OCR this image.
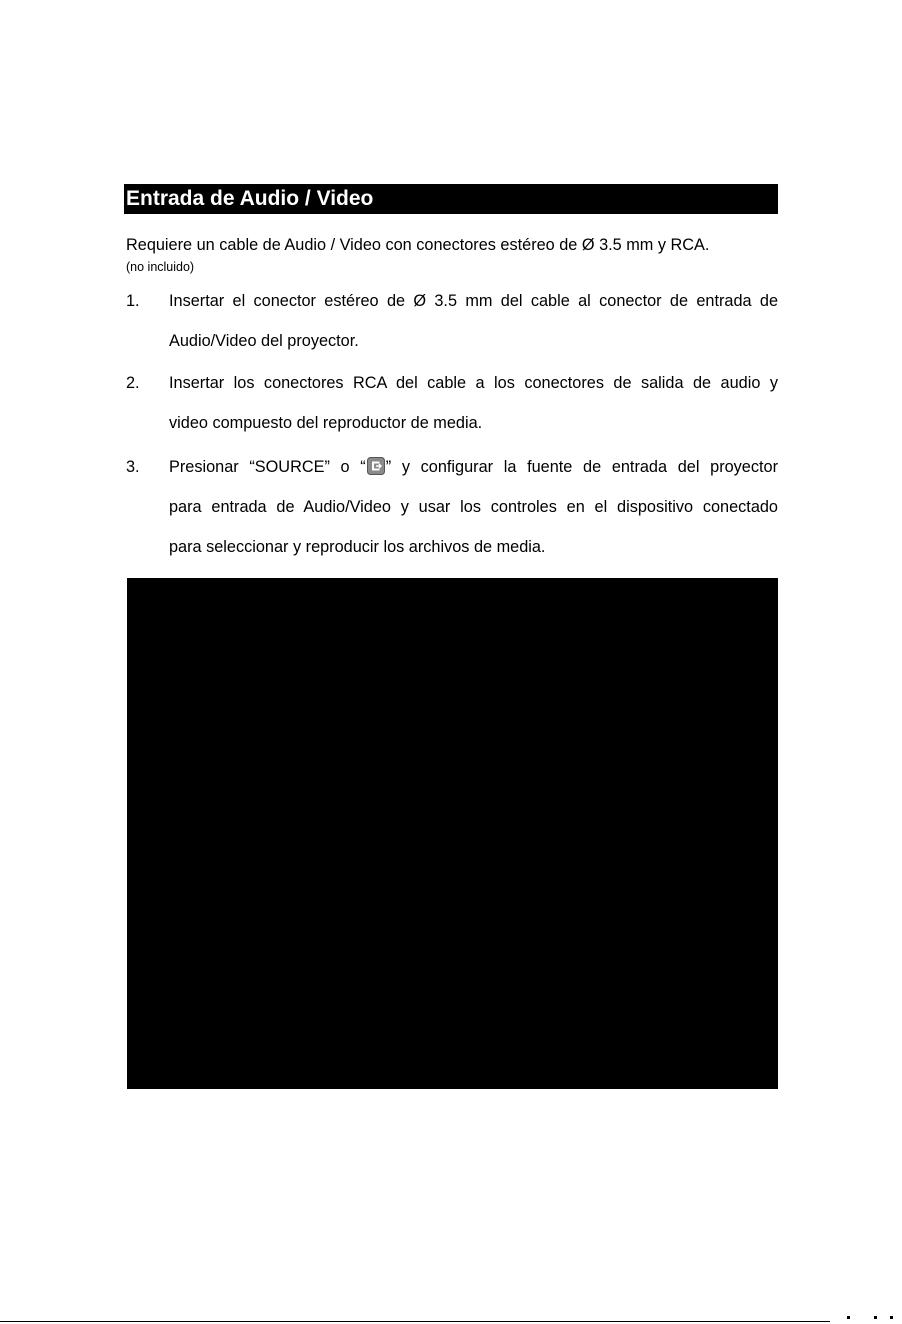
Entrada de Audio / Video
Requiere un cable de Audio / Video con conectores estéreo de Ø 3.5 mm y RCA.
(no incluido)
1. Insertar el conector estéreo de Ø 3.5 mm del cable al conector de entrada de
Audio/Video del proyector.
2. Insertar los conectores RCA del cable a los conectores de salida de audio y
video compuesto del reproductor de media.
3. Presionar “SOURCE” o “ ” y configurar la fuente de entrada del proyector
para entrada de Audio/Video y usar los controles en el dispositivo conectado
para seleccionar y reproducir los archivos de media.
